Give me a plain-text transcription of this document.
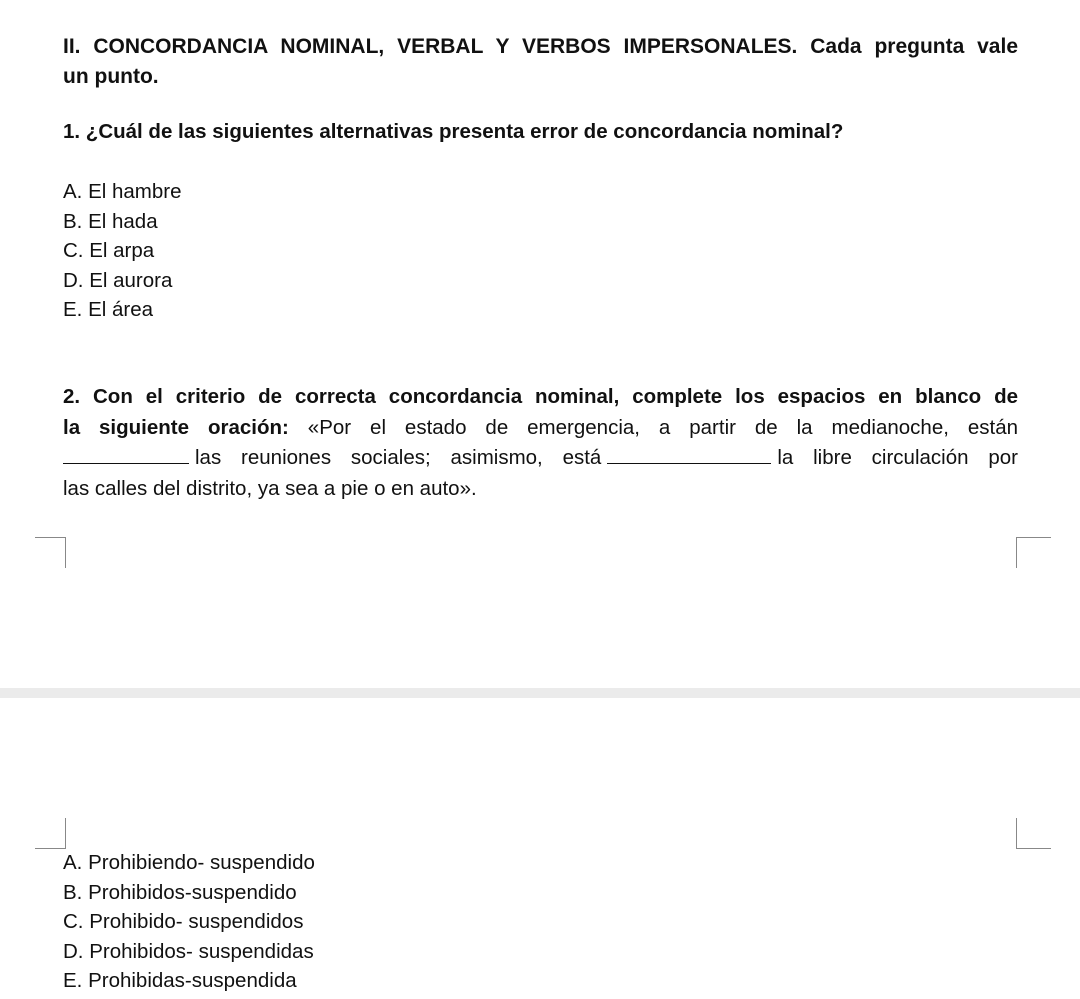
II. CONCORDANCIA NOMINAL, VERBAL Y VERBOS IMPERSONALES. Cada pregunta vale
un punto.
1. ¿Cuál de las siguientes alternativas presenta error de concordancia nominal?
A. El hambre
B. El hada
C. El arpa
D. El aurora
E. El área
2. Con el criterio de correcta concordancia nominal, complete los espacios en blanco de
la siguiente oración: «Por el estado de emergencia, a partir de la medianoche, están
las reuniones sociales; asimismo, está	la libre circulación por
las calles del distrito, ya sea a pie o en auto».
A. Prohibiendo- suspendido
B. Prohibidos-suspendido
C. Prohibido- suspendidos
D. Prohibidos- suspendidas
E. Prohibidas-suspendida
